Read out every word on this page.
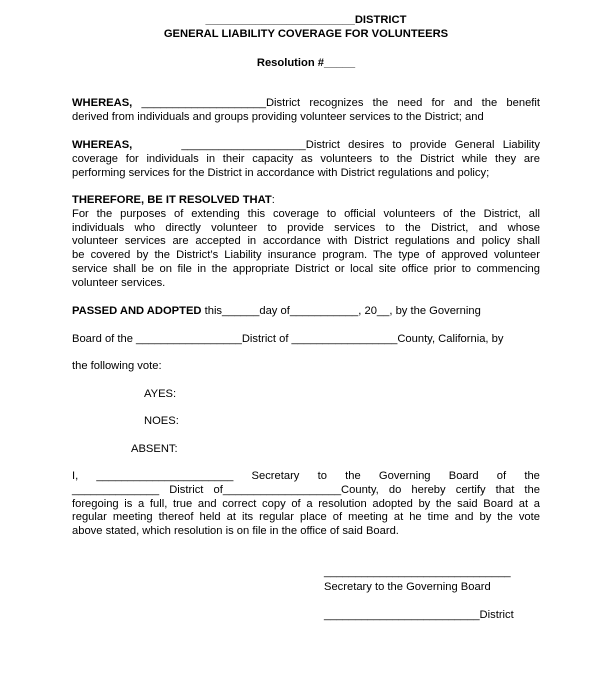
________________________DISTRICT
GENERAL LIABILITY COVERAGE FOR VOLUNTEERS
Resolution #_____
WHEREAS, ____________________District recognizes the need for and the benefit
derived from individuals and groups providing volunteer services to the District; and
WHEREAS,	____________________District desires to provide General Liability
coverage for individuals in their capacity as volunteers to the District while they are
performing services for the District in accordance with District regulations and policy;
THEREFORE, BE IT RESOLVED THAT:
For the purposes of extending this coverage to official volunteers of the District, all
individuals who directly volunteer to provide services to the District, and whose
volunteer services are accepted in accordance with District regulations and policy shall
be covered by the District’s Liability insurance program. The type of approved volunteer
service shall be on file in the appropriate District or local site office prior to commencing
volunteer services.
PASSED AND ADOPTED this______day of___________, 20__, by the Governing
Board of the _________________District of _________________County, California, by
the following vote:
AYES:
NOES:
ABSENT:
I, ______________________ Secretary to the Governing Board of the
______________ District of___________________County, do hereby certify that the
foregoing is a full, true and correct copy of a resolution adopted by the said Board at a
regular meeting thereof held at its regular place of meeting at he time and by the vote
above stated, which resolution is on file in the office of said Board.
______________________________
Secretary to the Governing Board
_________________________District
